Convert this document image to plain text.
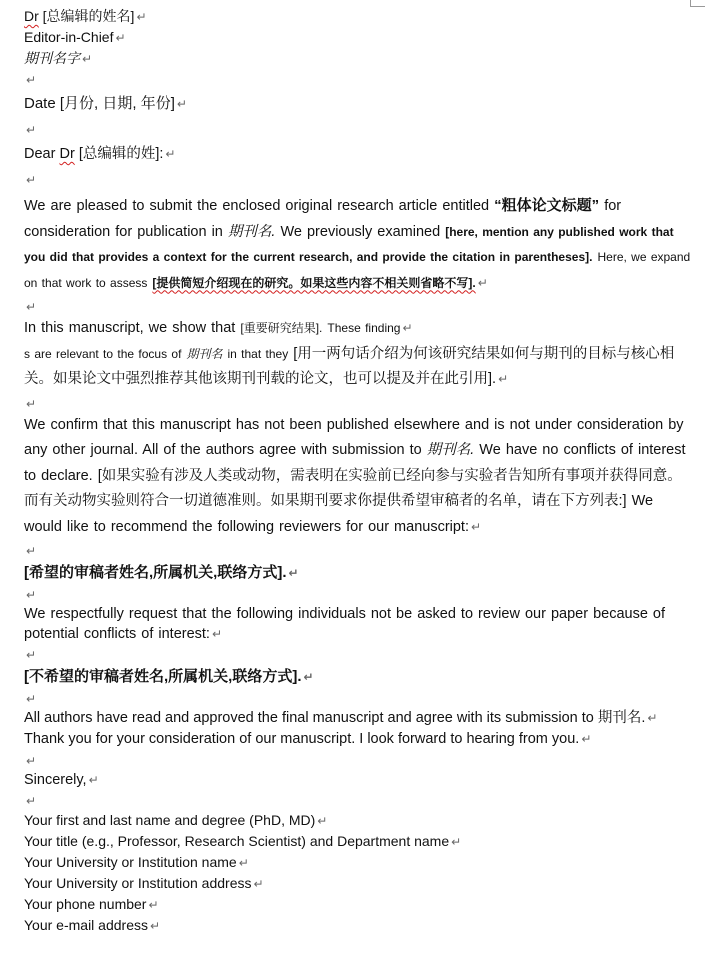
Dr [总编辑的姓名] ↵
Editor-in-Chief ↵
期刊名字 ↵
↵
Date [月份, 日期, 年份] ↵
↵
Dear Dr [总编辑的姓]: ↵
↵
We are pleased to submit the enclosed original research article entitled “粗体论文标题” for consideration for publication in 期刊名. We previously examined [here, mention any published work that you did that provides a context for the current research, and provide the citation in parentheses]. Here, we expand on that work to assess [提供简短介绍现在的研究。如果这些内容不相关则省略不写]. ↵
↵
In this manuscript, we show that [重要研究结果]. These finding ↵
s are relevant to the focus of 期刊名 in that they [用一两句话介绍为何该研究结果如何与期刊的目标与核心相关。如果论文中强烈推荐其他该期刊刊载的论文，也可以提及并在此引用]. ↵
↵
We confirm that this manuscript has not been published elsewhere and is not under consideration by any other journal. All of the authors agree with submission to 期刊名. We have no conflicts of interest to declare. [如果实验有涉及人类或动物，需表明在实验前已经向参与实验者告知所有事项并获得同意。而有关动物实验则符合一切道德准则。如果期刊要求你提供希望审稿者的名单，请在下方列表:] We would like to recommend the following reviewers for our manuscript: ↵
↵
[希望的审稿者姓名,所属机关,联络方式]. ↵
↵
We respectfully request that the following individuals not be asked to review our paper because of potential conflicts of interest: ↵
↵
[不希望的审稿者姓名,所属机关,联络方式]. ↵
↵
All authors have read and approved the final manuscript and agree with its submission to 期刊名. ↵
Thank you for your consideration of our manuscript. I look forward to hearing from you. ↵
↵
Sincerely, ↵
↵
Your first and last name and degree (PhD, MD) ↵
Your title (e.g., Professor, Research Scientist) and Department name ↵
Your University or Institution name ↵
Your University or Institution address ↵
Your phone number ↵
Your e-mail address ↵
